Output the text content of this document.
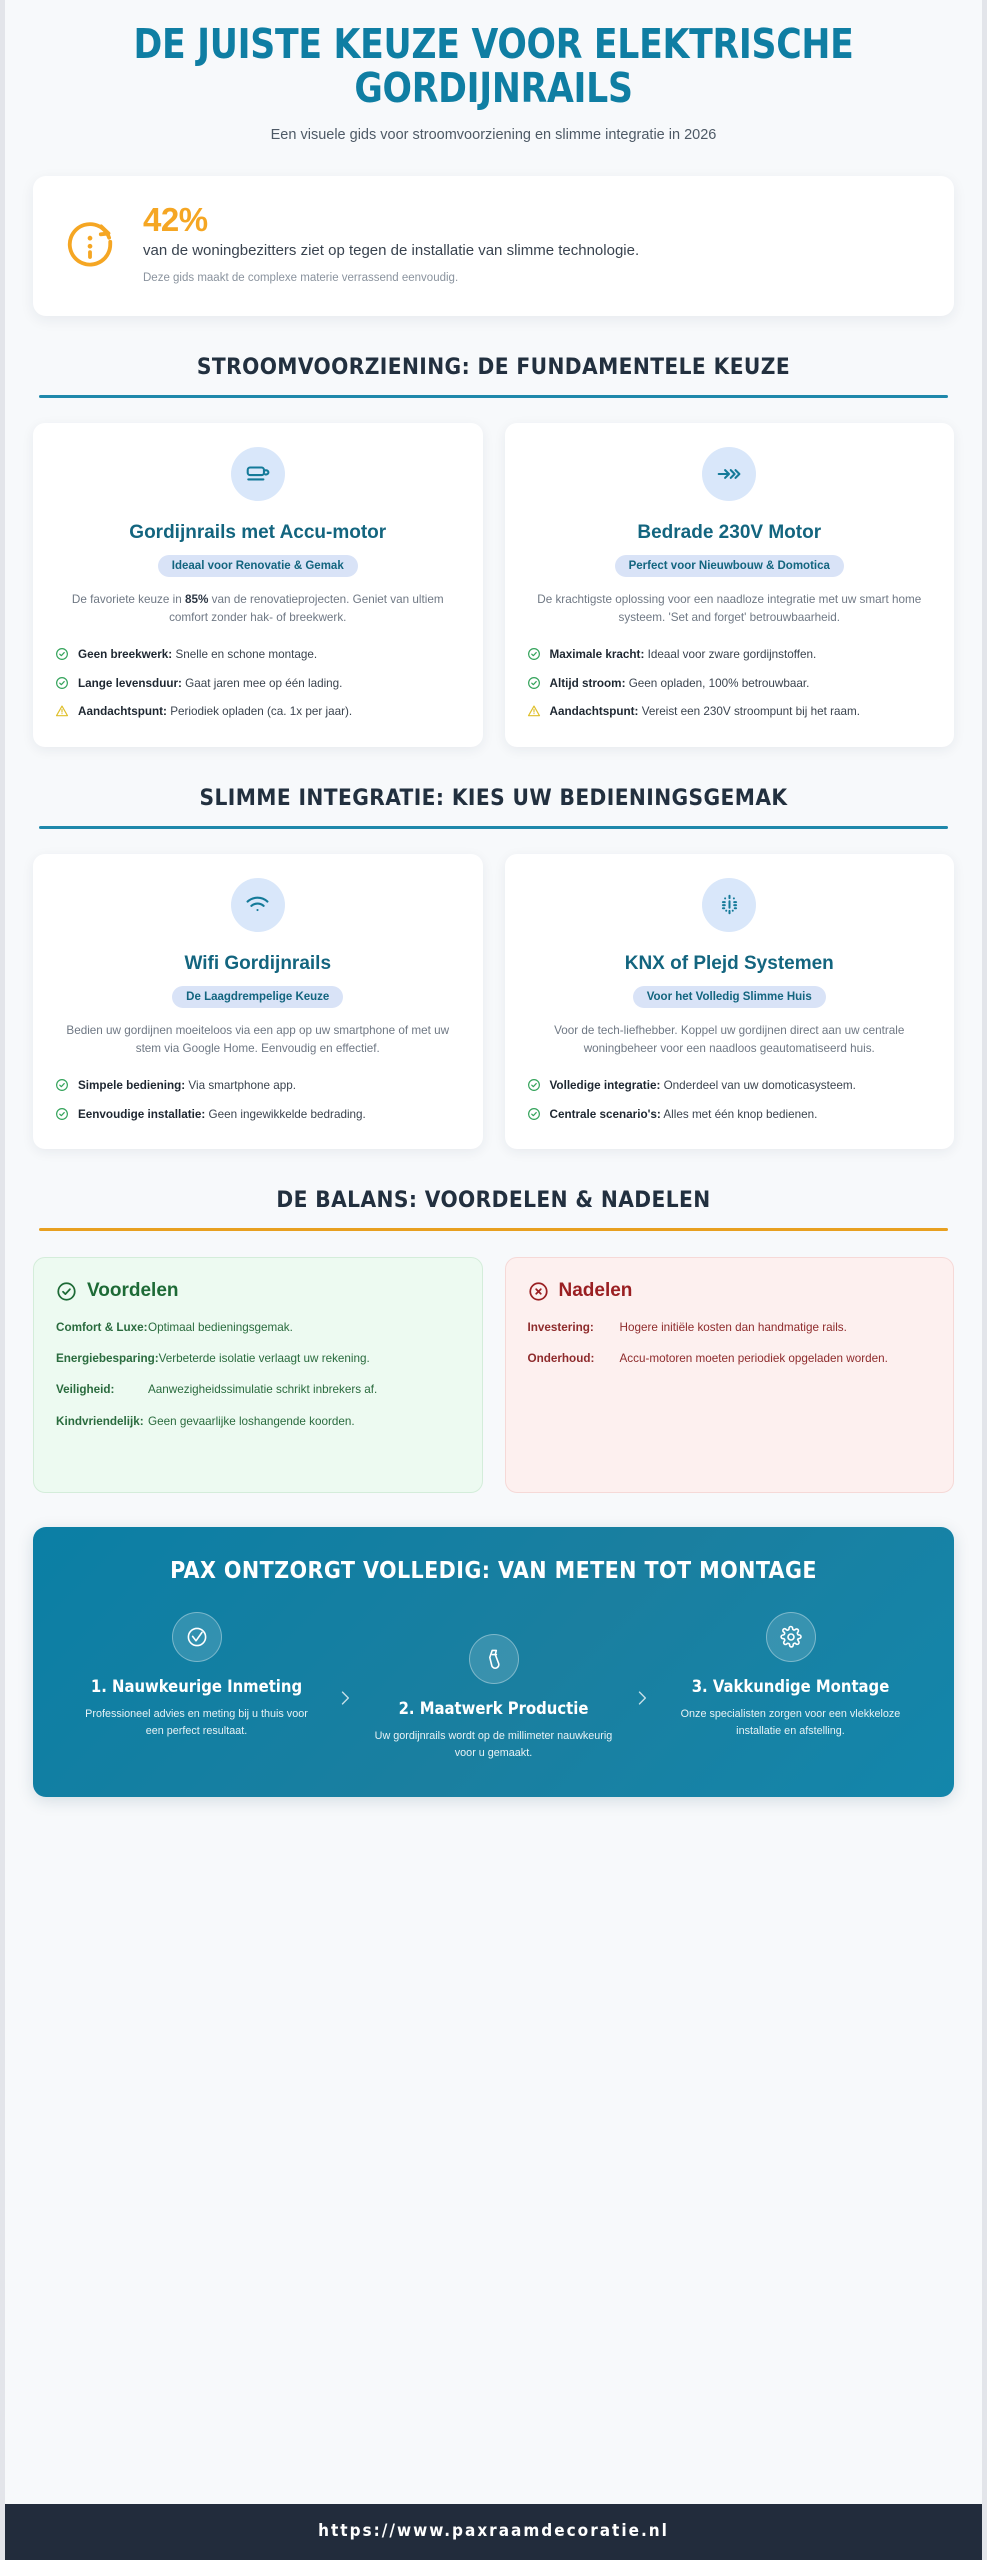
DE JUISTE KEUZE VOOR ELEKTRISCHE GORDIJNRAILS

Een visuele gids voor stroomvoorziening en slimme integratie in 2026

42%
van de woningbezitters ziet op tegen de installatie van slimme technologie.
Deze gids maakt de complexe materie verrassend eenvoudig.
STROOMVOORZIENING: DE FUNDAMENTELE KEUZE
Gordijnrails met Accu-motor
Ideaal voor Renovatie & Gemak

De favoriete keuze in 85% van de renovatieprojecten. Geniet van ultiem comfort zonder hak- of breekwerk.

Geen breekwerk: Snelle en schone montage.
Lange levensduur: Gaat jaren mee op één lading.
Aandachtspunt: Periodiek opladen (ca. 1x per jaar).
Bedrade 230V Motor
Perfect voor Nieuwbouw & Domotica

De krachtigste oplossing voor een naadloze integratie met uw smart home systeem. 'Set and forget' betrouwbaarheid.

Maximale kracht: Ideaal voor zware gordijnstoffen.
Altijd stroom: Geen opladen, 100% betrouwbaar.
Aandachtspunt: Vereist een 230V stroompunt bij het raam.
SLIMME INTEGRATIE: KIES UW BEDIENINGSGEMAK
Wifi Gordijnrails
De Laagdrempelige Keuze

Bedien uw gordijnen moeiteloos via een app op uw smartphone of met uw stem via Google Home. Eenvoudig en effectief.

Simpele bediening: Via smartphone app.
Eenvoudige installatie: Geen ingewikkelde bedrading.
KNX of Plejd Systemen
Voor het Volledig Slimme Huis

Voor de tech-liefhebber. Koppel uw gordijnen direct aan uw centrale woningbeheer voor een naadloos geautomatiseerd huis.

Volledige integratie: Onderdeel van uw domoticasysteem.
Centrale scenario's: Alles met één knop bedienen.
DE BALANS: VOORDELEN & NADELEN
Voordelen
Comfort & Luxe: Optimaal bedieningsgemak.
Energiebesparing: Verbeterde isolatie verlaagt uw rekening.
Veiligheid:	Aanwezigheidssimulatie schrikt inbrekers af.
Kindvriendelijk: Geen gevaarlijke loshangende koorden.
Nadelen
Investering:	Hogere initiële kosten dan handmatige rails.
Onderhoud:	Accu-motoren moeten periodiek opgeladen worden.
PAX ONTZORGT VOLLEDIG: VAN METEN TOT MONTAGE
1. Nauwkeurige Inmeting
Professioneel advies en meting bij u thuis voor een perfect resultaat.
2. Maatwerk Productie
Uw gordijnrails wordt op de millimeter nauwkeurig voor u gemaakt.
3. Vakkundige Montage
Onze specialisten zorgen voor een vlekkeloze installatie en afstelling.
https://www.paxraamdecoratie.nl
